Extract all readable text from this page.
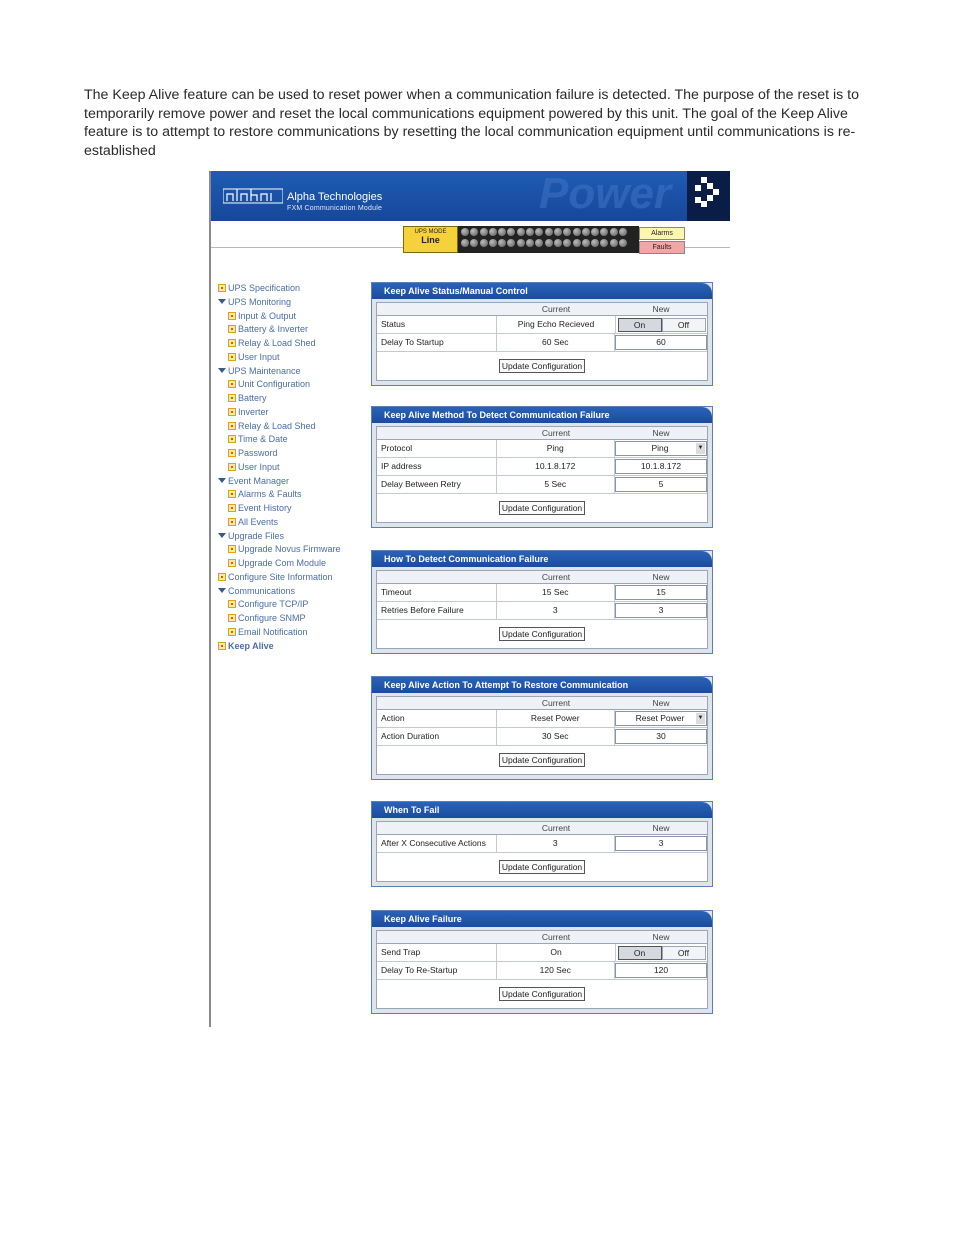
The Keep Alive feature can be used to reset power when a communication failure is detected. The purpose of the reset is to temporarily remove power and reset the local communications equipment powered by this unit. The goal of the Keep Alive feature is to attempt to restore communications by resetting the local communication equipment until communications is re-established
Alpha Technologies
FXM Communication Module	Power
UPS MODE
Line
Alarms
Faults
UPS Specification
UPS Monitoring
Input & Output
Battery & Inverter
Relay & Load Shed
User Input
UPS Maintenance
Unit Configuration
Battery
Inverter
Relay & Load Shed
Time & Date
Password
User Input
Event Manager
Alarms & Faults
Event History
All Events
Upgrade Files
Upgrade Novus Firmware
Upgrade Com Module
Configure Site Information
Communications
Configure TCP/IP
Configure SNMP
Email Notification
Keep Alive
Keep Alive Status/Manual Control
Current	New
Status	Ping Echo Recieved	On	Off
Delay To Startup	60 Sec	60
Update Configuration
Keep Alive Method To Detect Communication Failure
Current	New
Protocol	Ping	Ping	▼
IP address	10.1.8.172	10.1.8.172
Delay Between Retry	5 Sec	5
Update Configuration
How To Detect Communication Failure
Current	New
Timeout	15 Sec	15
Retries Before Failure	3	3
Update Configuration
Keep Alive Action To Attempt To Restore Communication
Current	New
Action	Reset Power	Reset Power ▼
Action Duration	30 Sec	30
Update Configuration
When To Fail
Current	New
After X Consecutive Actions	3	3
Update Configuration
Keep Alive Failure
Current	New
Send Trap	On	On	Off
Delay To Re-Startup	120 Sec	120
Update Configuration
